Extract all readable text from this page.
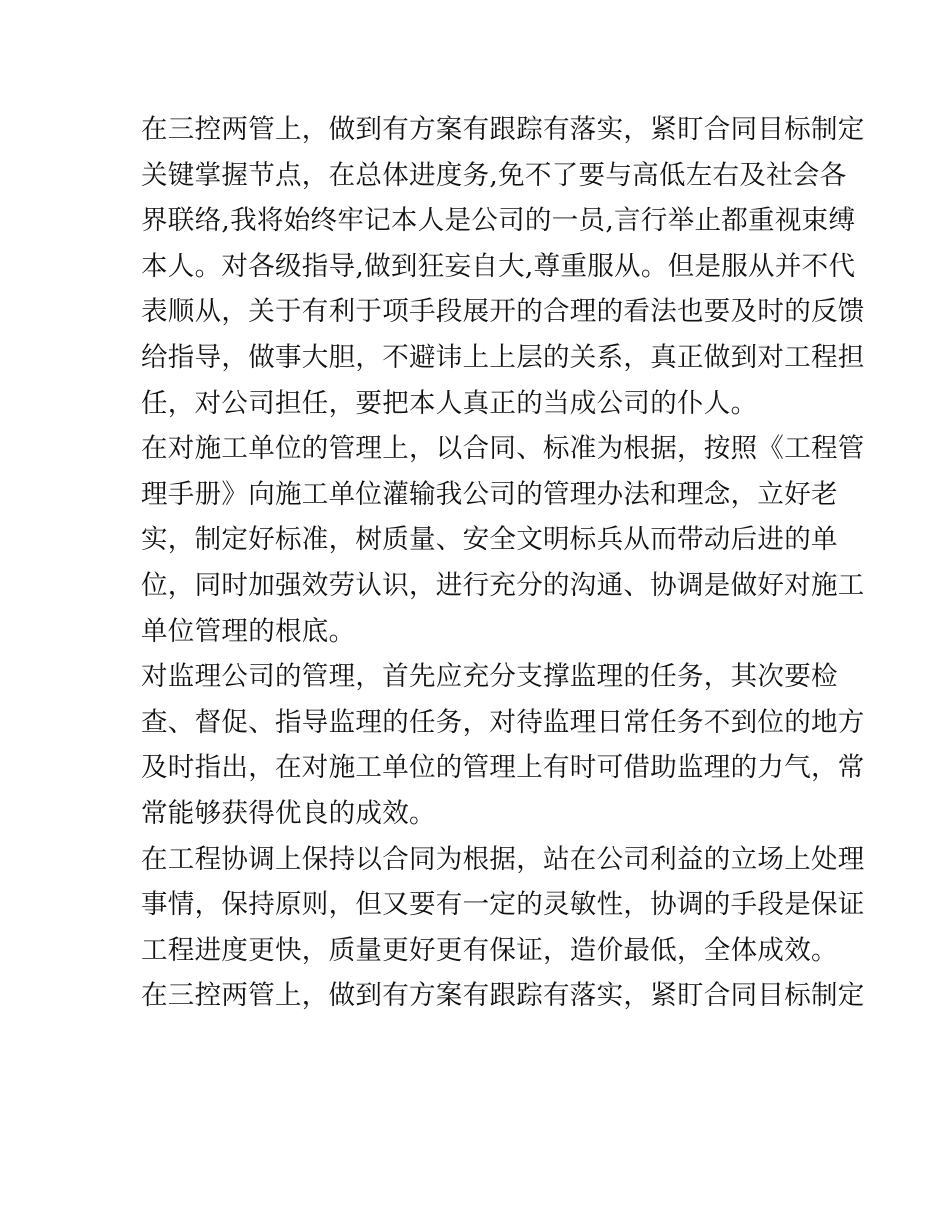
在三控两管上，做到有方案有跟踪有落实，紧盯合同目标制定
关键掌握节点，在总体进度务,免不了要与高低左右及社会各
界联络,我将始终牢记本人是公司的一员,言行举止都重视束缚
本人。对各级指导,做到狂妄自大,尊重服从。但是服从并不代
表顺从，关于有利于项手段展开的合理的看法也要及时的反馈
给指导，做事大胆，不避讳上上层的关系，真正做到对工程担
任，对公司担任，要把本人真正的当成公司的仆人。
在对施工单位的管理上，以合同、标准为根据，按照《工程管
理手册》向施工单位灌输我公司的管理办法和理念，立好老
实，制定好标准，树质量、安全文明标兵从而带动后进的单
位，同时加强效劳认识，进行充分的沟通、协调是做好对施工
单位管理的根底。
对监理公司的管理，首先应充分支撑监理的任务，其次要检
查、督促、指导监理的任务，对待监理日常任务不到位的地方
及时指出，在对施工单位的管理上有时可借助监理的力气，常
常能够获得优良的成效。
在工程协调上保持以合同为根据，站在公司利益的立场上处理
事情，保持原则，但又要有一定的灵敏性，协调的手段是保证
工程进度更快，质量更好更有保证，造价最低，全体成效。
在三控两管上，做到有方案有跟踪有落实，紧盯合同目标制定
